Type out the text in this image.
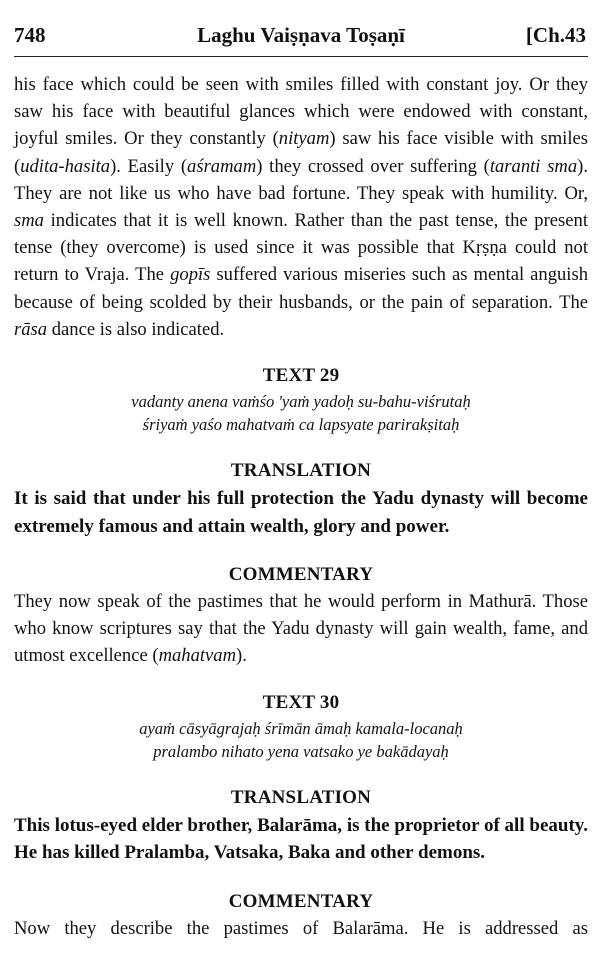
748	Laghu Vaiṣṇava Toṣaṇī	[Ch.43

his face which could be seen with smiles filled with constant joy. Or they saw his face with beautiful glances which were endowed with constant, joyful smiles. Or they constantly (nityam) saw his face visible with smiles (udita-hasita). Easily (aśramam) they crossed over suffering (taranti sma). They are not like us who have bad fortune. They speak with humility. Or, sma indicates that it is well known. Rather than the past tense, the present tense (they overcome) is used since it was possible that Kṛṣṇa could not return to Vraja. The gopīs suffered various miseries such as mental anguish because of being scolded by their husbands, or the pain of separation. The rāsa dance is also indicated.

TEXT 29

vadanty anena vaṁśo 'yaṁ yadoḥ su-bahu-viśrutaḥ

śriyaṁ yaśo mahatvaṁ ca lapsyate parirakṣitaḥ

TRANSLATION

It is said that under his full protection the Yadu dynasty will become extremely famous and attain wealth, glory and power.

COMMENTARY

They now speak of the pastimes that he would perform in Mathurā. Those who know scriptures say that the Yadu dynasty will gain wealth, fame, and utmost excellence (mahatvam).

TEXT 30

ayaṁ cāsyāgrajaḥ śrīmān āmaḥ kamala-locanaḥ

pralambo nihato yena vatsako ye bakādayaḥ

TRANSLATION

This lotus-eyed elder brother, Balarāma, is the proprietor of all beauty. He has killed Pralamba, Vatsaka, Baka and other demons.

COMMENTARY

Now they describe the pastimes of Balarāma. He is addressed as
